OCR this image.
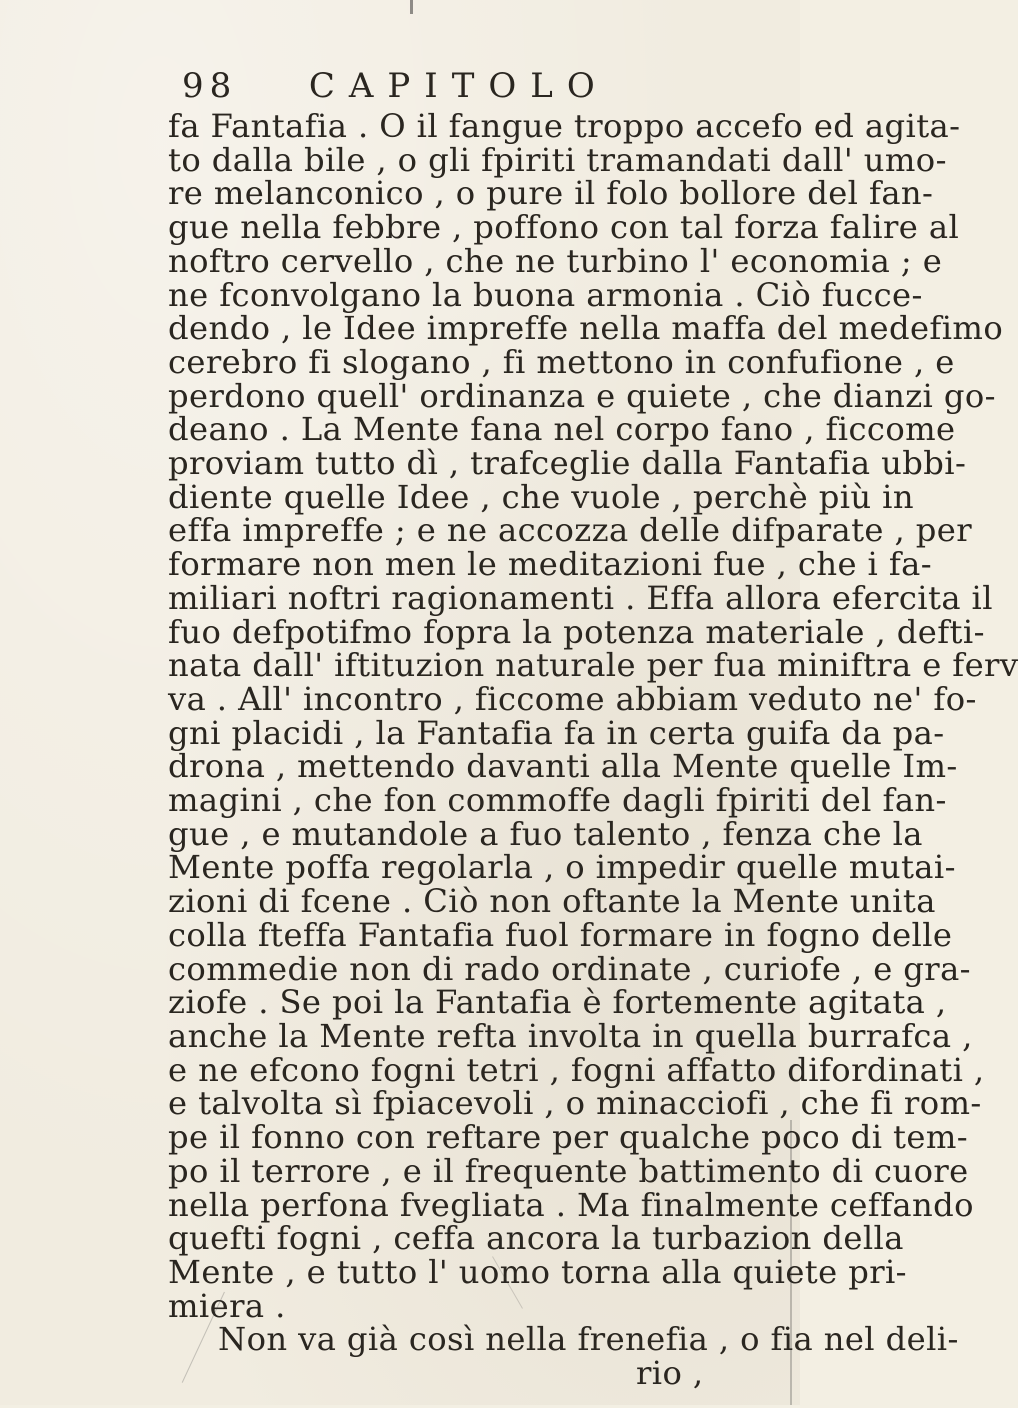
98 CAPITOLO
fa Fantafia . O il fangue troppo accefo ed agita-
to dalla bile , o gli fpiriti tramandati dall' umo-
re melanconico , o pure il folo bollore del fan-
gue nella febbre , poffono con tal forza falire al
noftro cervello , che ne turbino l' economia ; e
ne fconvolgano la buona armonia . Ciò fucce-
dendo , le Idee impreffe nella maffa del medefimo
cerebro fi slogano , fi mettono in confufione , e
perdono quell' ordinanza e quiete , che dianzi go-
deano . La Mente fana nel corpo fano , ficcome
proviam tutto dì , trafceglie dalla Fantafia ubbi-
diente quelle Idee , che vuole , perchè più in
effa impreffe ; e ne accozza delle difparate , per
formare non men le meditazioni fue , che i fa-
miliari noftri ragionamenti . Effa allora efercita il
fuo defpotifmo fopra la potenza materiale , defti-
nata dall' iftituzion naturale per fua miniftra e ferv
va . All' incontro , ficcome abbiam veduto ne' fo-
gni placidi , la Fantafia fa in certa guifa da pa-
drona , mettendo davanti alla Mente quelle Im-
magini , che fon commoffe dagli fpiriti del fan-
gue , e mutandole a fuo talento , fenza che la
Mente poffa regolarla , o impedir quelle mutai-
zioni di fcene . Ciò non oftante la Mente unita
colla fteffa Fantafia fuol formare in fogno delle
commedie non di rado ordinate , curiofe , e gra-
ziofe . Se poi la Fantafia è fortemente agitata ,
anche la Mente refta involta in quella burrafca ,
e ne efcono fogni tetri , fogni affatto difordinati ,
e talvolta sì fpiacevoli , o minacciofi , che fi rom-
pe il fonno con reftare per qualche poco di tem-
po il terrore , e il frequente battimento di cuore
nella perfona fvegliata . Ma finalmente ceffando
quefti fogni , ceffa ancora la turbazion della
Mente , e tutto l' uomo torna alla quiete pri-
miera .
Non va già così nella frenefia , o fia nel deli-
rio ,
